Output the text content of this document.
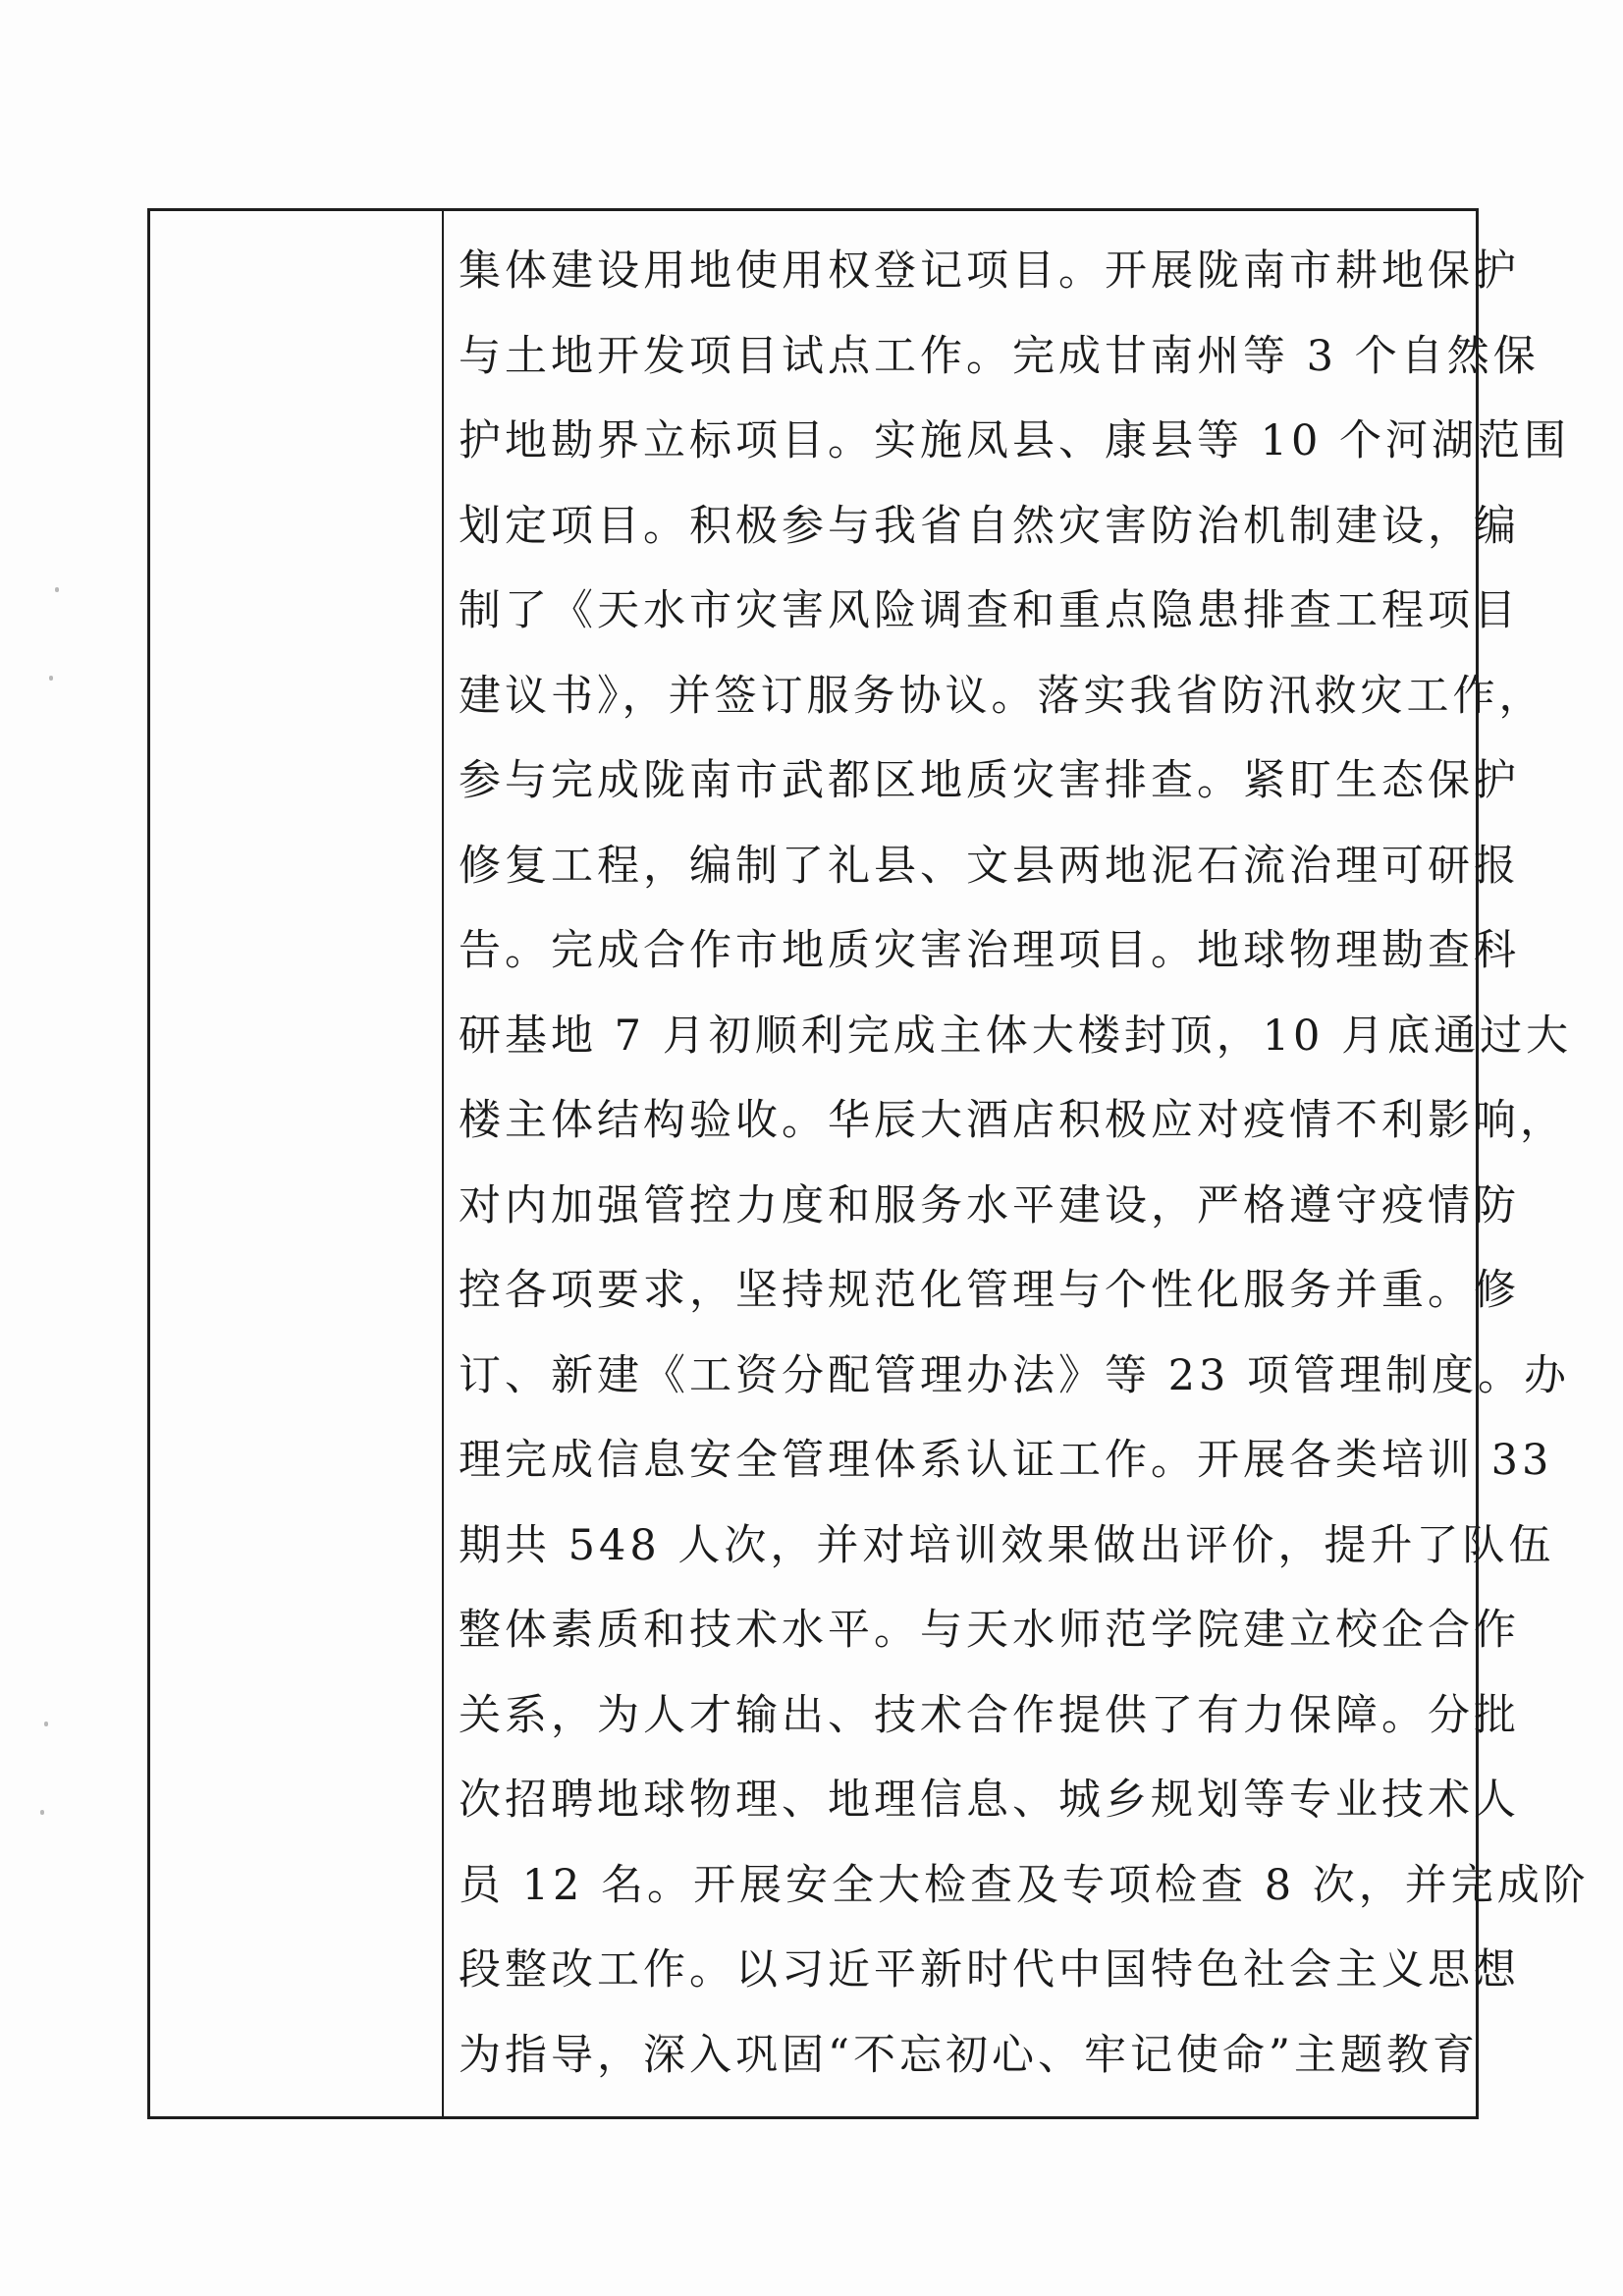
集体建设用地使用权登记项目。开展陇南市耕地保护
与土地开发项目试点工作。完成甘南州等 3 个自然保
护地勘界立标项目。实施凤县、康县等 10 个河湖范围
划定项目。积极参与我省自然灾害防治机制建设，编
制了《天水市灾害风险调查和重点隐患排查工程项目
建议书》，并签订服务协议。落实我省防汛救灾工作，
参与完成陇南市武都区地质灾害排查。紧盯生态保护
修复工程，编制了礼县、文县两地泥石流治理可研报
告。完成合作市地质灾害治理项目。地球物理勘查科
研基地 7 月初顺利完成主体大楼封顶，10 月底通过大
楼主体结构验收。华辰大酒店积极应对疫情不利影响，
对内加强管控力度和服务水平建设，严格遵守疫情防
控各项要求，坚持规范化管理与个性化服务并重。修
订、新建《工资分配管理办法》等 23 项管理制度。办
理完成信息安全管理体系认证工作。开展各类培训 33
期共 548 人次，并对培训效果做出评价，提升了队伍
整体素质和技术水平。与天水师范学院建立校企合作
关系，为人才输出、技术合作提供了有力保障。分批
次招聘地球物理、地理信息、城乡规划等专业技术人
员 12 名。开展安全大检查及专项检查 8 次，并完成阶
段整改工作。以习近平新时代中国特色社会主义思想
为指导，深入巩固“不忘初心、牢记使命”主题教育
